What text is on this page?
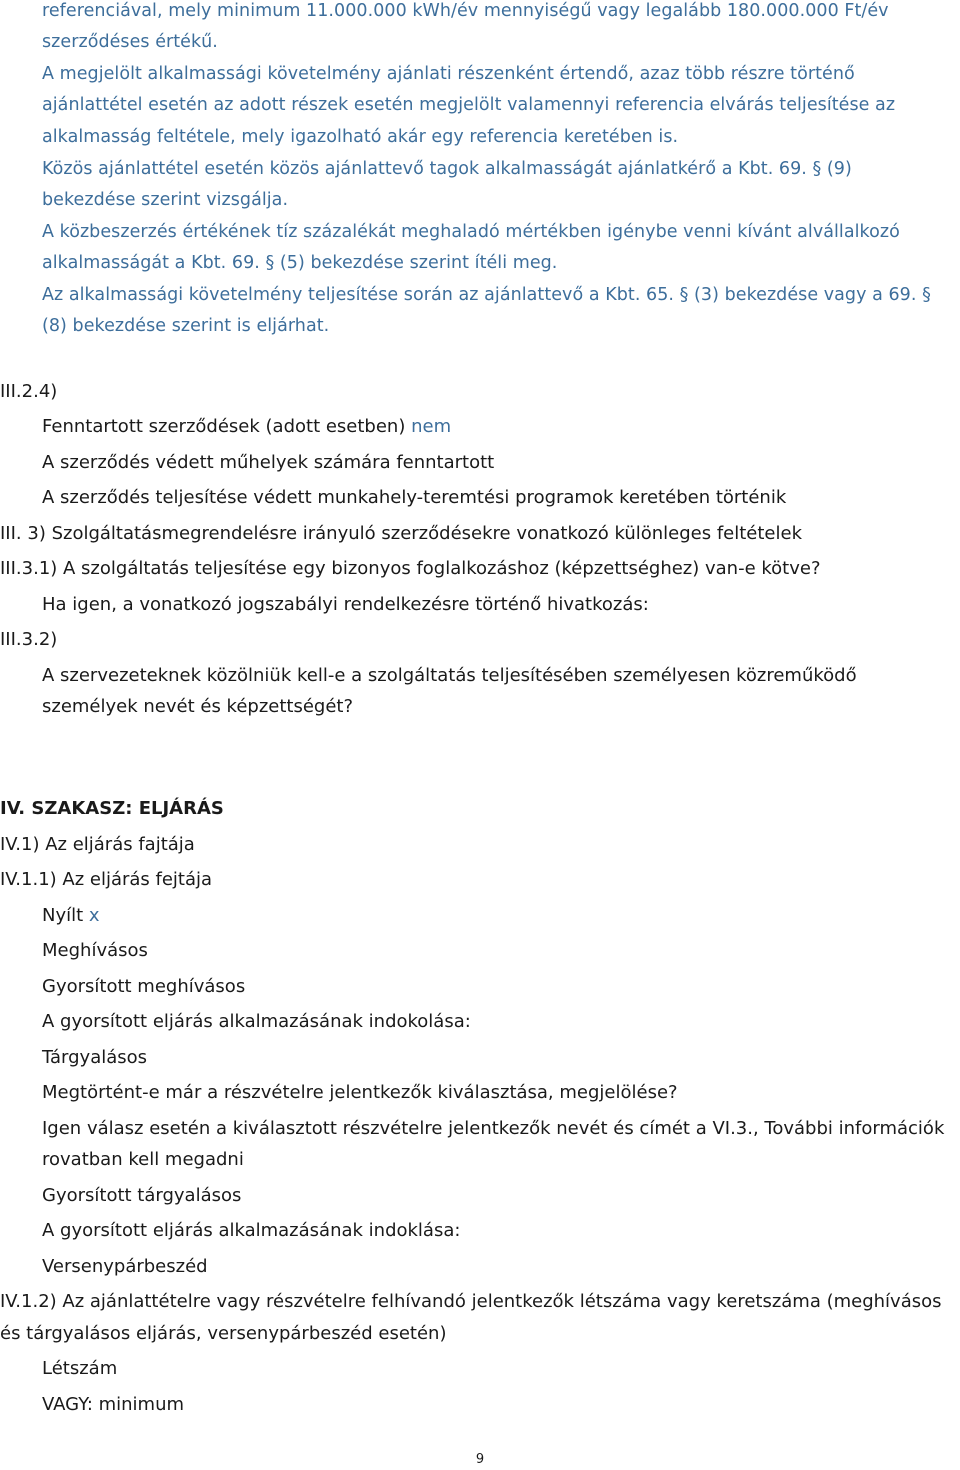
referenciával, mely minimum 11.000.000 kWh/év mennyiségű vagy legalább 180.000.000 Ft/év
szerződéses értékű.
A megjelölt alkalmassági követelmény ajánlati részenként értendő, azaz több részre történő
ajánlattétel esetén az adott részek esetén megjelölt valamennyi referencia elvárás teljesítése az
alkalmasság feltétele, mely igazolható akár egy referencia keretében is.
Közös ajánlattétel esetén közös ajánlattevő tagok alkalmasságát ajánlatkérő a Kbt. 69. § (9)
bekezdése szerint vizsgálja.
A közbeszerzés értékének tíz százalékát meghaladó mértékben igénybe venni kívánt alvállalkozó
alkalmasságát a Kbt. 69. § (5) bekezdése szerint ítéli meg.
Az alkalmassági követelmény teljesítése során az ajánlattevő a Kbt. 65. § (3) bekezdése vagy a 69. §
(8) bekezdése szerint is eljárhat.
III.2.4)
Fenntartott szerződések (adott esetben) nem
A szerződés védett műhelyek számára fenntartott
A szerződés teljesítése védett munkahely-teremtési programok keretében történik
III. 3) Szolgáltatásmegrendelésre irányuló szerződésekre vonatkozó különleges feltételek
III.3.1) A szolgáltatás teljesítése egy bizonyos foglalkozáshoz (képzettséghez) van-e kötve?
Ha igen, a vonatkozó jogszabályi rendelkezésre történő hivatkozás:
III.3.2)
A szervezeteknek közölniük kell-e a szolgáltatás teljesítésében személyesen közreműködő
személyek nevét és képzettségét?
IV. SZAKASZ: ELJÁRÁS
IV.1) Az eljárás fajtája
IV.1.1) Az eljárás fejtája
Nyílt x
Meghívásos
Gyorsított meghívásos
A gyorsított eljárás alkalmazásának indokolása:
Tárgyalásos
Megtörtént-e már a részvételre jelentkezők kiválasztása, megjelölése?
Igen válasz esetén a kiválasztott részvételre jelentkezők nevét és címét a VI.3., További információk
rovatban kell megadni
Gyorsított tárgyalásos
A gyorsított eljárás alkalmazásának indoklása:
Versenypárbeszéd
IV.1.2) Az ajánlattételre vagy részvételre felhívandó jelentkezők létszáma vagy keretszáma (meghívásos
és tárgyalásos eljárás, versenypárbeszéd esetén)
Létszám
VAGY: minimum
9
